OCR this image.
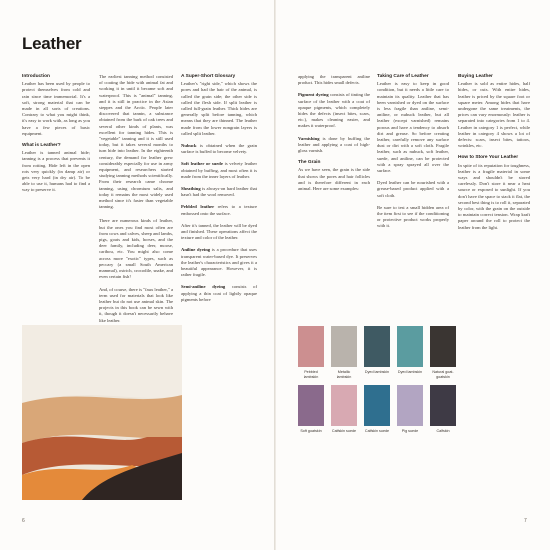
Leather
Introduction

Leather has been used by people to protect themselves from cold and rain since time immemorial. It's a soft, strong material that can be made in all sorts of creations. Contrary to what you might think, it's easy to work with, as long as you have a few pieces of basic equipment.

What is Leather?

Leather is tanned animal hide; tanning is a process that prevents it from rotting. Hide left in the open rots very quickly (in damp air) or gets very hard (in dry air). To be able to use it, humans had to find a way to preserve it.

The earliest tanning method consisted of coating the hide with animal fat and working it in until it became soft and waterproof. This is "animal" tanning, and it is still in practice in the Asian steppes and the Arctic. People later discovered that tannin, a substance obtained from the bark of oak trees and several other kinds of plants, was excellent for tanning hides. This is "vegetable" tanning and it is still used today, but it takes several months to turn hide into leather. In the eighteenth century, the demand for leather grew considerably especially for use in army equipment, and researchers started studying tanning methods scientifically. From their research came chrome tanning, using chromium salts, and today it remains the most widely used method since it's faster than vegetable tanning.

There are numerous kinds of leather, but the ones you find most often are from cows and calves, sheep and lambs, pigs, goats and kids, horses, and the deer family, including deer, moose, caribou, etc. You might also come across more "exotic" types, such as peccary (a small South American mammal), ostrich, crocodile, snake, and even certain fish!

And, of course, there is "faux leather," a term used for materials that look like leather but do not use animal skin. The projects in this book can be sewn with it, though it doesn't necessarily behave like leather.

A Super-Short Glossary

Leather's "right side," which shows the pores and had the hair of the animal, is called the grain side; the other side is called the flesh side. If split leather is called full-grain leather. Thick hides are generally split before tanning, which means that they are thinned. The leather made from the lower nongrain layers is called split leather.

Nubuck is obtained when the grain surface is buffed to become velvety.

Soft leather or suede is velvety leather obtained by buffing, and most often it is made from the inner layers of leather.

Sheathing is always-on hard leather that hasn't had the wool removed.

Pebbled leather refers to a texture embossed onto the surface.

After it's tanned, the leather will be dyed and finished. These operations affect the texture and color of the leather.

Aniline dyeing is a procedure that uses transparent water-based dye. It preserves the leather's characteristics and gives it a beautiful appearance. However, it is rather fragile.

Semi-aniline dyeing consists of applying a thin coat of lightly opaque pigments before

applying the transparent aniline product. This hides small defects.

Pigment dyeing consists of tinting the surface of the leather with a coat of opaque pigments, which completely hides the defects (insect bites, scars, etc.), makes cleaning easier, and makes it waterproof.

Varnishing is done by buffing the leather and applying a coat of high-gloss varnish.

The Grain

As we have seen, the grain is the side that shows the pores and hair follicles and is therefore different in each animal. Here are some examples:

Taking Care of Leather

Leather is easy to keep in good condition, but it needs a little care to maintain its quality. Leather that has been varnished or dyed on the surface is less fragile than aniline, semi-aniline, or nubuck leather, but all leather (except varnished) remains porous and have a tendency to absorb dirt and grease. So before creating leather, carefully remove any surface dust or dirt with a soft cloth. Fragile leather, such as nubuck, soft leather, suede, and aniline, can be protected with a spray sprayed all over the surface.

Dyed leather can be nourished with a grease-based product applied with a soft cloth.

Be sure to test a small hidden area of the item first to see if the conditioning or protective product works properly with it.

Buying Leather

Leather is sold as entire hides, half hides, or cuts. With entire hides, leather is priced by the square foot or square meter. Among hides that have undergone the same treatments, the prices can vary enormously: leather is separated into categories from 1 to 4. Leather in category 1 is perfect, while leather in category 4 shows a lot of defects: scars, insect bites, tattoos, wrinkles, etc.

How to Store Your Leather

In spite of its reputation for toughness, leather is a fragile material in some ways and shouldn't be stored carelessly. Don't store it near a heat source or exposed to sunlight. If you don't have the space to stack it flat, the second best thing is to roll it, separated by color, with the grain on the outside to maintain correct tension. Wrap kraft paper around the roll to protect the leather from the light.

Pebbled lambskin
Metallic lambskin
Dyed lambskin Dyed lambskin	Natural goat-goatskin
Soft goatskin	Calfskin suede Calfskin suede	Pig suede	Calfskin
6	7
